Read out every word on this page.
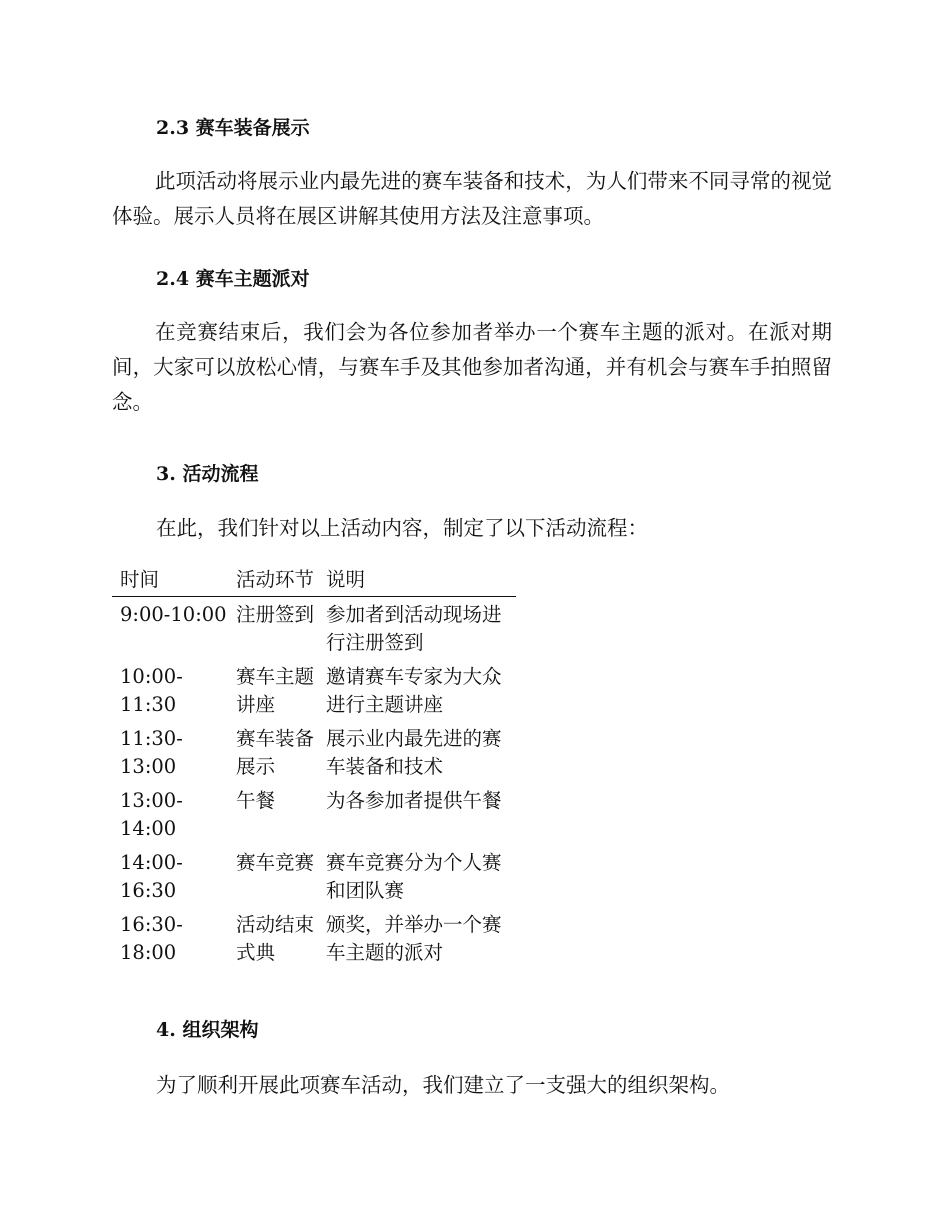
2.3 赛车装备展示

此项活动将展示业内最先进的赛车装备和技术，为人们带来不同寻常的视觉体验。展示人员将在展区讲解其使用方法及注意事项。

2.4 赛车主题派对

在竞赛结束后，我们会为各位参加者举办一个赛车主题的派对。在派对期间，大家可以放松心情，与赛车手及其他参加者沟通，并有机会与赛车手拍照留念。

3. 活动流程

在此，我们针对以上活动内容，制定了以下活动流程：

时间	活动环节	说明
9:00-10:00	注册签到	参加者到活动现场进行注册签到
10:00-11:30	赛车主题讲座	邀请赛车专家为大众进行主题讲座
11:30-13:00	赛车装备展示	展示业内最先进的赛车装备和技术
13:00-14:00	午餐	为各参加者提供午餐
14:00-16:30	赛车竞赛	赛车竞赛分为个人赛和团队赛
16:30-18:00	活动结束式典	颁奖，并举办一个赛车主题的派对
4. 组织架构

为了顺利开展此项赛车活动，我们建立了一支强大的组织架构。
